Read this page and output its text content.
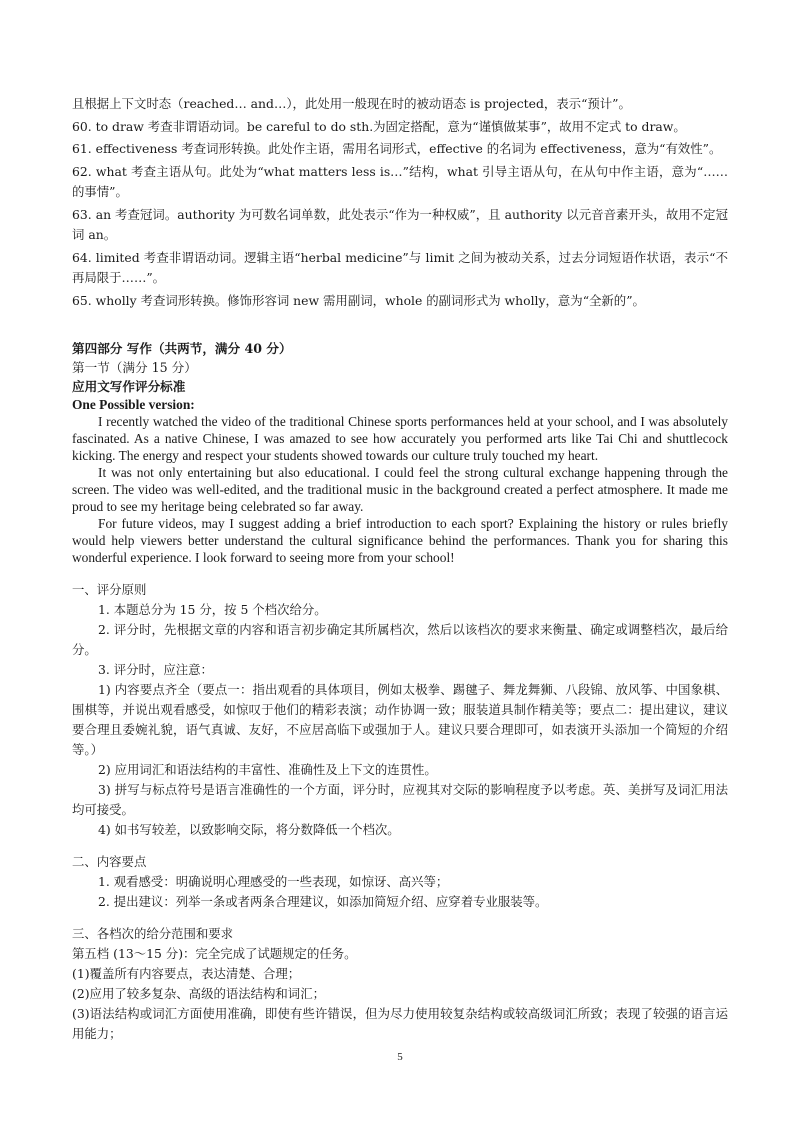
且根据上下文时态（reached… and…），此处用一般现在时的被动语态 is projected，表示“预计”。

60. to draw 考查非谓语动词。be careful to do sth.为固定搭配，意为“谨慎做某事”，故用不定式 to draw。

61. effectiveness 考查词形转换。此处作主语，需用名词形式，effective 的名词为 effectiveness，意为“有效性”。

62. what 考查主语从句。此处为“what matters less is…”结构，what 引导主语从句，在从句中作主语，意为“……的事情”。

63. an 考查冠词。authority 为可数名词单数，此处表示“作为一种权威”，且 authority 以元音音素开头，故用不定冠词 an。

64. limited 考查非谓语动词。逻辑主语“herbal medicine”与 limit 之间为被动关系，过去分词短语作状语，表示“不再局限于……”。

65. wholly 考查词形转换。修饰形容词 new 需用副词，whole 的副词形式为 wholly，意为“全新的”。

第四部分 写作（共两节，满分 40 分）

第一节（满分 15 分）

应用文写作评分标准

One Possible version:

I recently watched the video of the traditional Chinese sports performances held at your school, and I was absolutely fascinated. As a native Chinese, I was amazed to see how accurately you performed arts like Tai Chi and shuttlecock kicking. The energy and respect your students showed towards our culture truly touched my heart.

It was not only entertaining but also educational. I could feel the strong cultural exchange happening through the screen. The video was well-edited, and the traditional music in the background created a perfect atmosphere. It made me proud to see my heritage being celebrated so far away.

For future videos, may I suggest adding a brief introduction to each sport? Explaining the history or rules briefly would help viewers better understand the cultural significance behind the performances. Thank you for sharing this wonderful experience. I look forward to seeing more from your school!

一、评分原则

1. 本题总分为 15 分，按 5 个档次给分。

2. 评分时，先根据文章的内容和语言初步确定其所属档次，然后以该档次的要求来衡量、确定或调整档次，最后给分。

3. 评分时，应注意：

1) 内容要点齐全（要点一：指出观看的具体项目，例如太极拳、踢毽子、舞龙舞狮、八段锦、放风筝、中国象棋、围棋等，并说出观看感受，如惊叹于他们的精彩表演；动作协调一致；服装道具制作精美等；要点二：提出建议，建议要合理且委婉礼貌，语气真诚、友好，不应居高临下或强加于人。建议只要合理即可，如表演开头添加一个简短的介绍等。）

2) 应用词汇和语法结构的丰富性、准确性及上下文的连贯性。

3) 拼写与标点符号是语言准确性的一个方面，评分时，应视其对交际的影响程度予以考虑。英、美拼写及词汇用法均可接受。

4) 如书写较差，以致影响交际，将分数降低一个档次。

二、内容要点

1. 观看感受：明确说明心理感受的一些表现，如惊讶、高兴等；

2. 提出建议：列举一条或者两条合理建议，如添加简短介绍、应穿着专业服装等。

三、各档次的给分范围和要求

第五档 (13～15 分)：完全完成了试题规定的任务。

(1)覆盖所有内容要点，表达清楚、合理；

(2)应用了较多复杂、高级的语法结构和词汇；

(3)语法结构或词汇方面使用准确，即使有些许错误，但为尽力使用较复杂结构或较高级词汇所致；表现了较强的语言运用能力；

5
